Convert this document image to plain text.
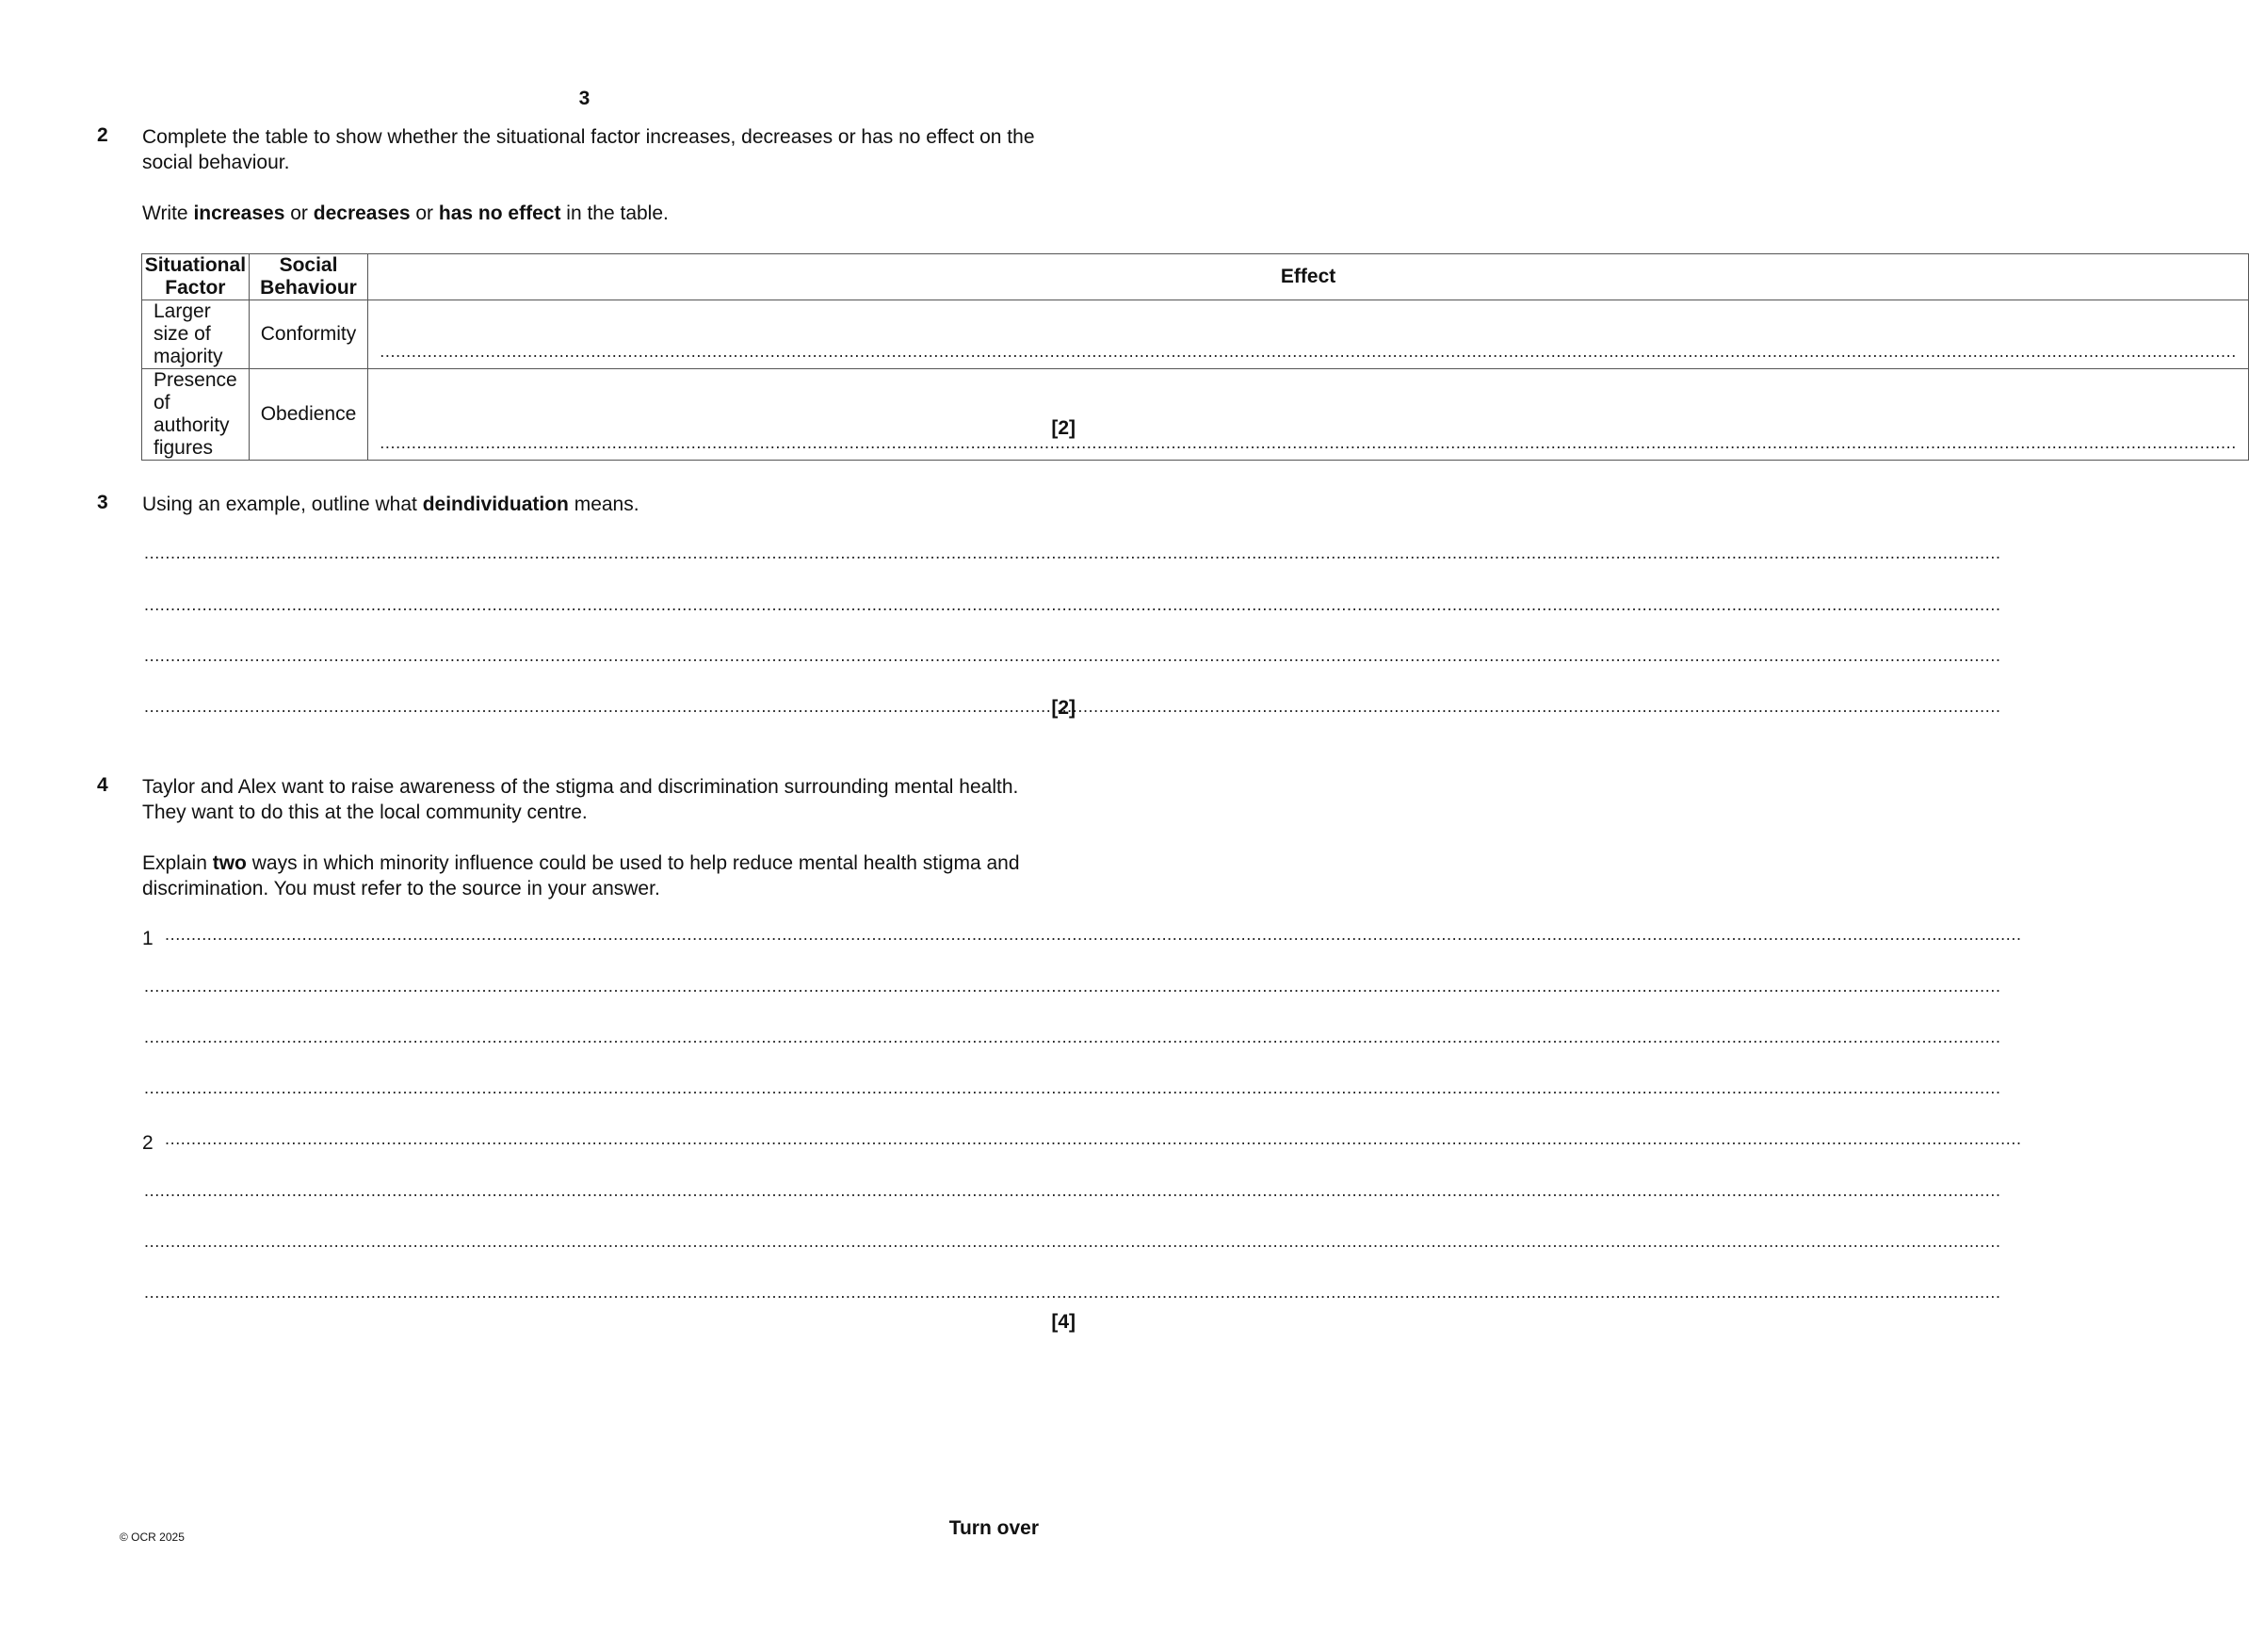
3
2 Complete the table to show whether the situational factor increases, decreases or has no effect on the social behaviour.
Write increases or decreases or has no effect in the table.
Situational Factor	Social Behaviour	Effect
Larger size of majority	Conformity	
.....

Presence of authority figures	Obedience	
.....
[2]
3 Using an example, outline what deindividuation means.
.....
.....
.....
.....
[2]
4 Taylor and Alex want to raise awareness of the stigma and discrimination surrounding mental health. They want to do this at the local community centre.
Explain two ways in which minority influence could be used to help reduce mental health stigma and discrimination. You must refer to the source in your answer.
1
.....
.....
.....
.....
2
.....
.....
.....
.....
[4]
© OCR 2025	Turn over
